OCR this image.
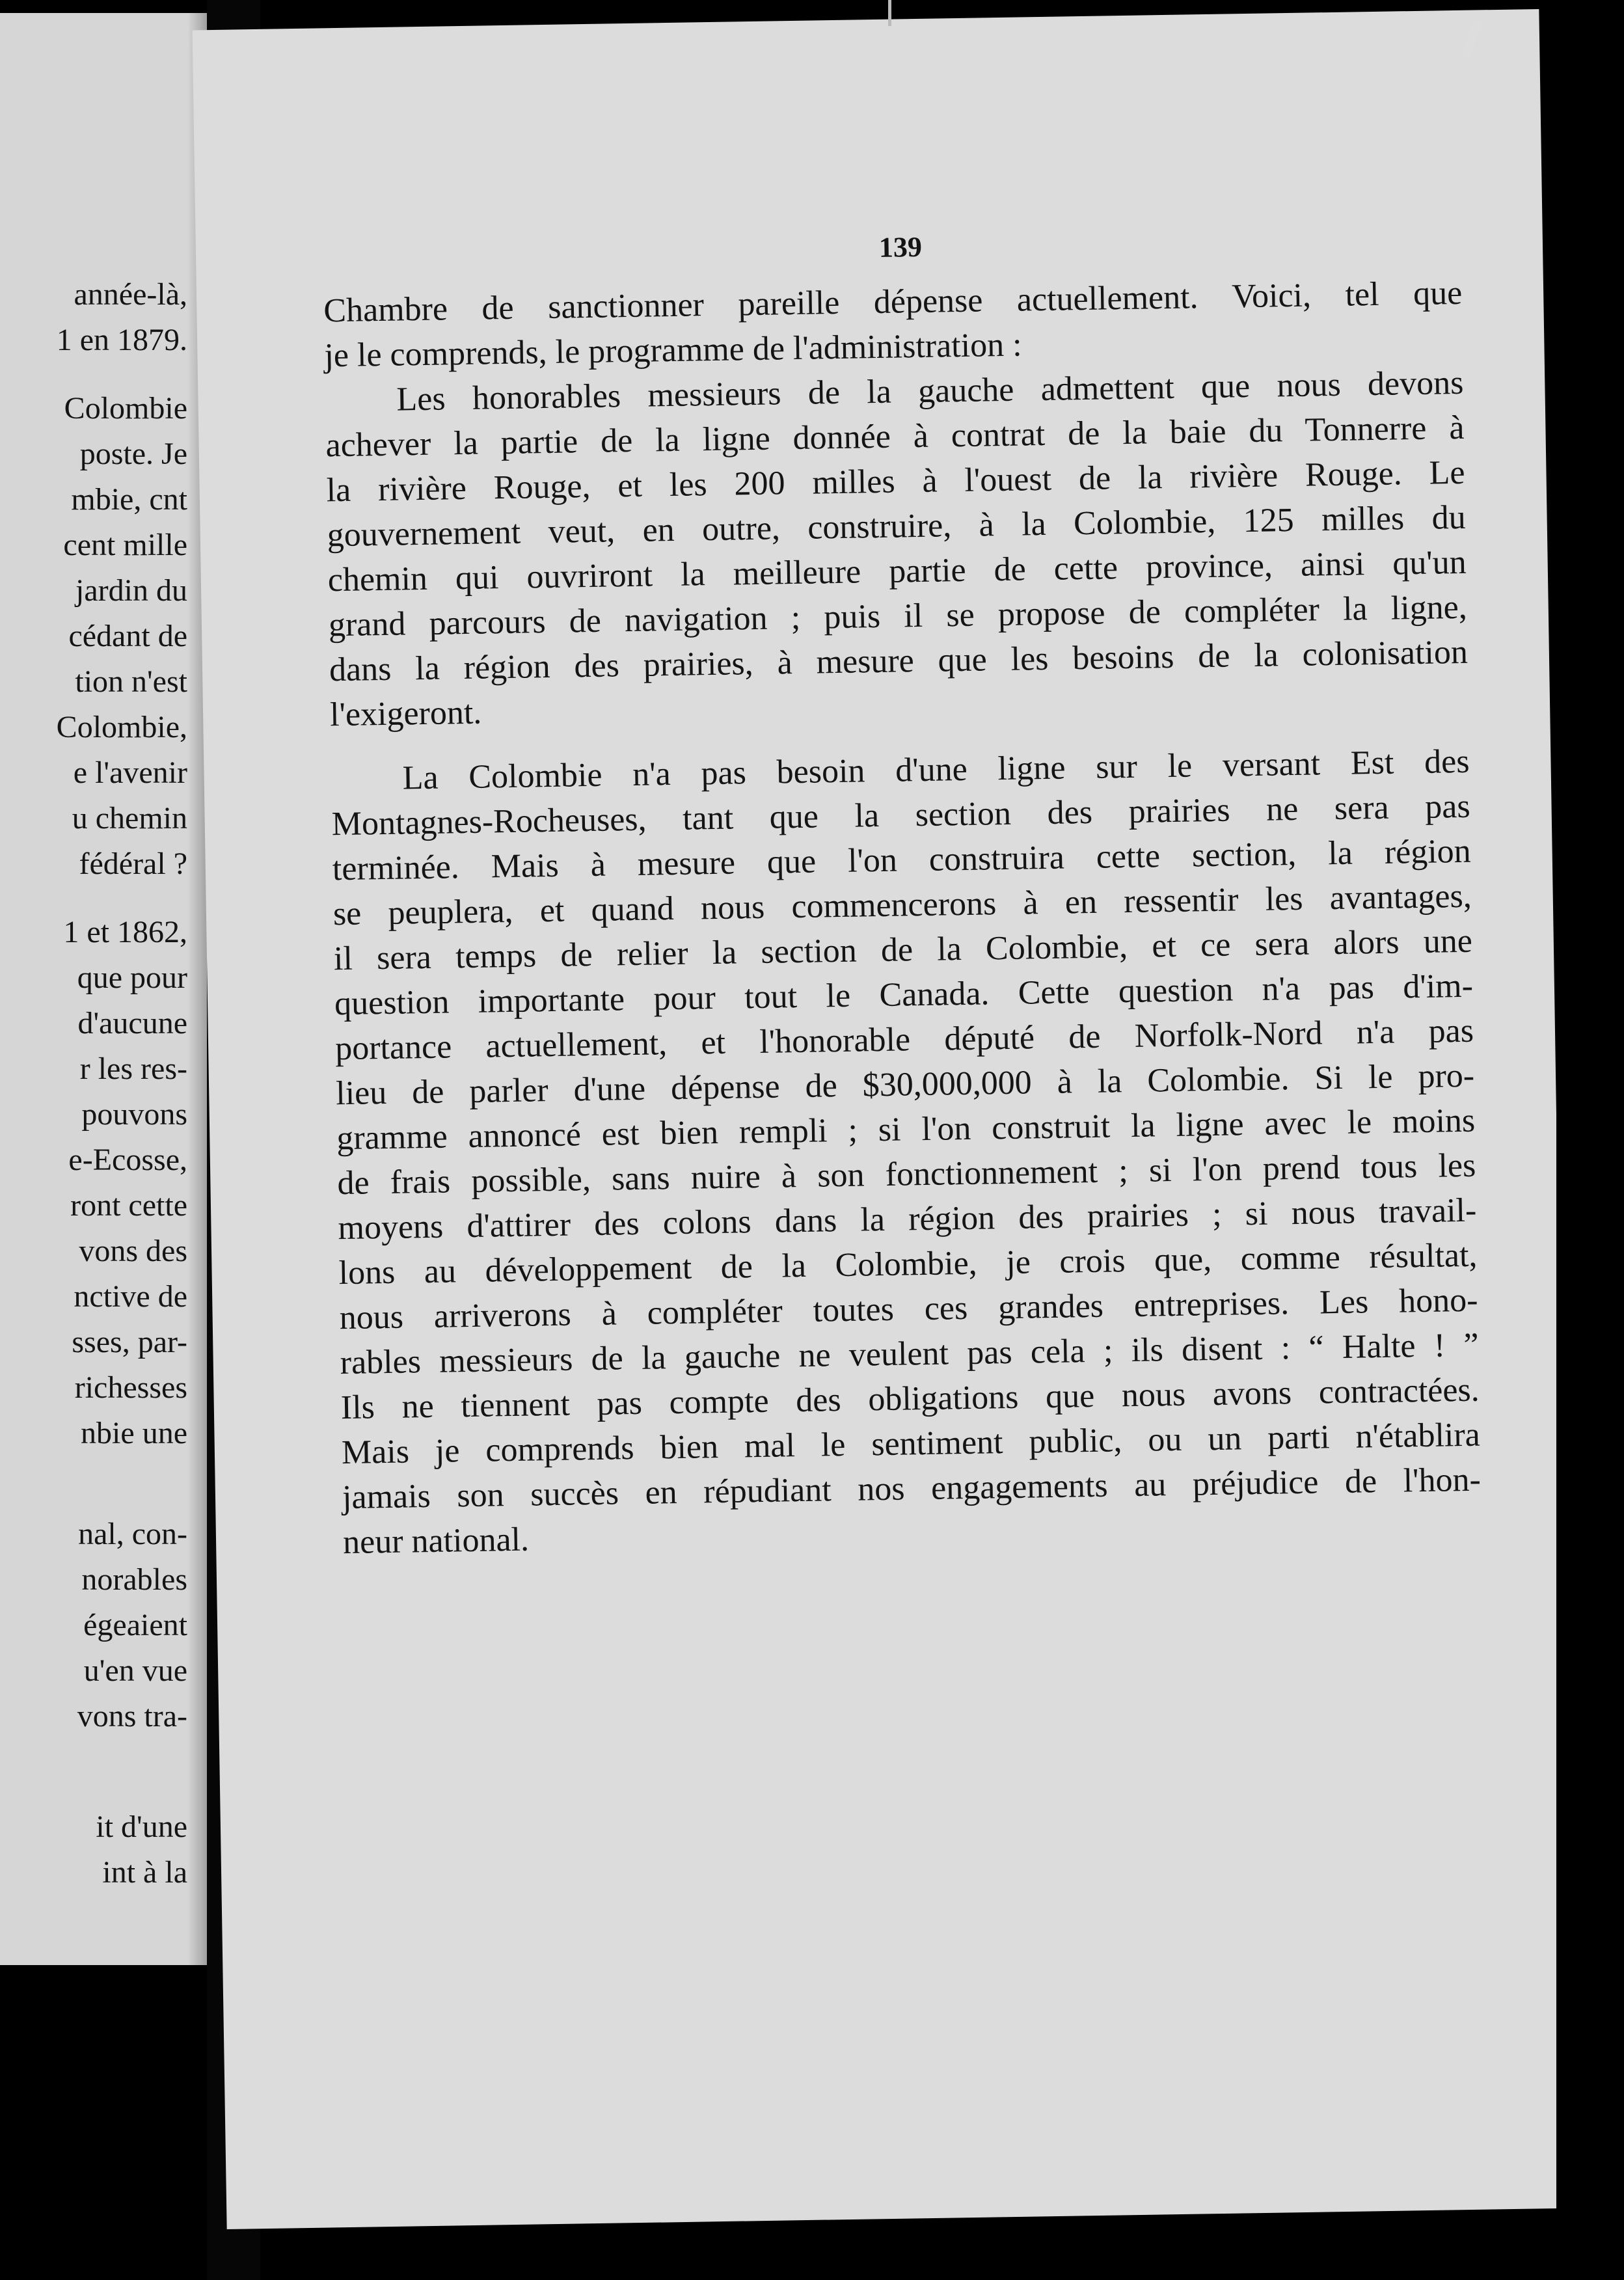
année-là,
1 en 1879.
Colombie
poste. Je
mbie, cnt
cent mille
jardin du
cédant de
tion n'est
Colombie,
e l'avenir
u chemin
fédéral ?
1 et 1862,
que pour
d'aucune
r les res-
pouvons
e-Ecosse,
ront cette
vons des
nctive de
sses, par-
richesses
nbie une
nal, con-
norables
égeaient
u'en vue
vons tra-
it d'une
int à la
139
Chambre de sanctionner pareille dépense actuellement. Voici, tel que
je le comprends, le programme de l'administration :
Les honorables messieurs de la gauche admettent que nous devons
achever la partie de la ligne donnée à contrat de la baie du Tonnerre à
la rivière Rouge, et les 200 milles à l'ouest de la rivière Rouge. Le
gouvernement veut, en outre, construire, à la Colombie, 125 milles du
chemin qui ouvriront la meilleure partie de cette province, ainsi qu'un
grand parcours de navigation ; puis il se propose de compléter la ligne,
dans la région des prairies, à mesure que les besoins de la colonisation
l'exigeront.
La Colombie n'a pas besoin d'une ligne sur le versant Est des
Montagnes-Rocheuses, tant que la section des prairies ne sera pas
terminée. Mais à mesure que l'on construira cette section, la région
se peuplera, et quand nous commencerons à en ressentir les avantages,
il sera temps de relier la section de la Colombie, et ce sera alors une
question importante pour tout le Canada. Cette question n'a pas d'im-
portance actuellement, et l'honorable député de Norfolk-Nord n'a pas
lieu de parler d'une dépense de $30,000,000 à la Colombie. Si le pro-
gramme annoncé est bien rempli ; si l'on construit la ligne avec le moins
de frais possible, sans nuire à son fonctionnement ; si l'on prend tous les
moyens d'attirer des colons dans la région des prairies ; si nous travail-
lons au développement de la Colombie, je crois que, comme résultat,
nous arriverons à compléter toutes ces grandes entreprises. Les hono-
rables messieurs de la gauche ne veulent pas cela ; ils disent : “ Halte ! ”
Ils ne tiennent pas compte des obligations que nous avons contractées.
Mais je comprends bien mal le sentiment public, ou un parti n'établira
jamais son succès en répudiant nos engagements au préjudice de l'hon-
neur national.
